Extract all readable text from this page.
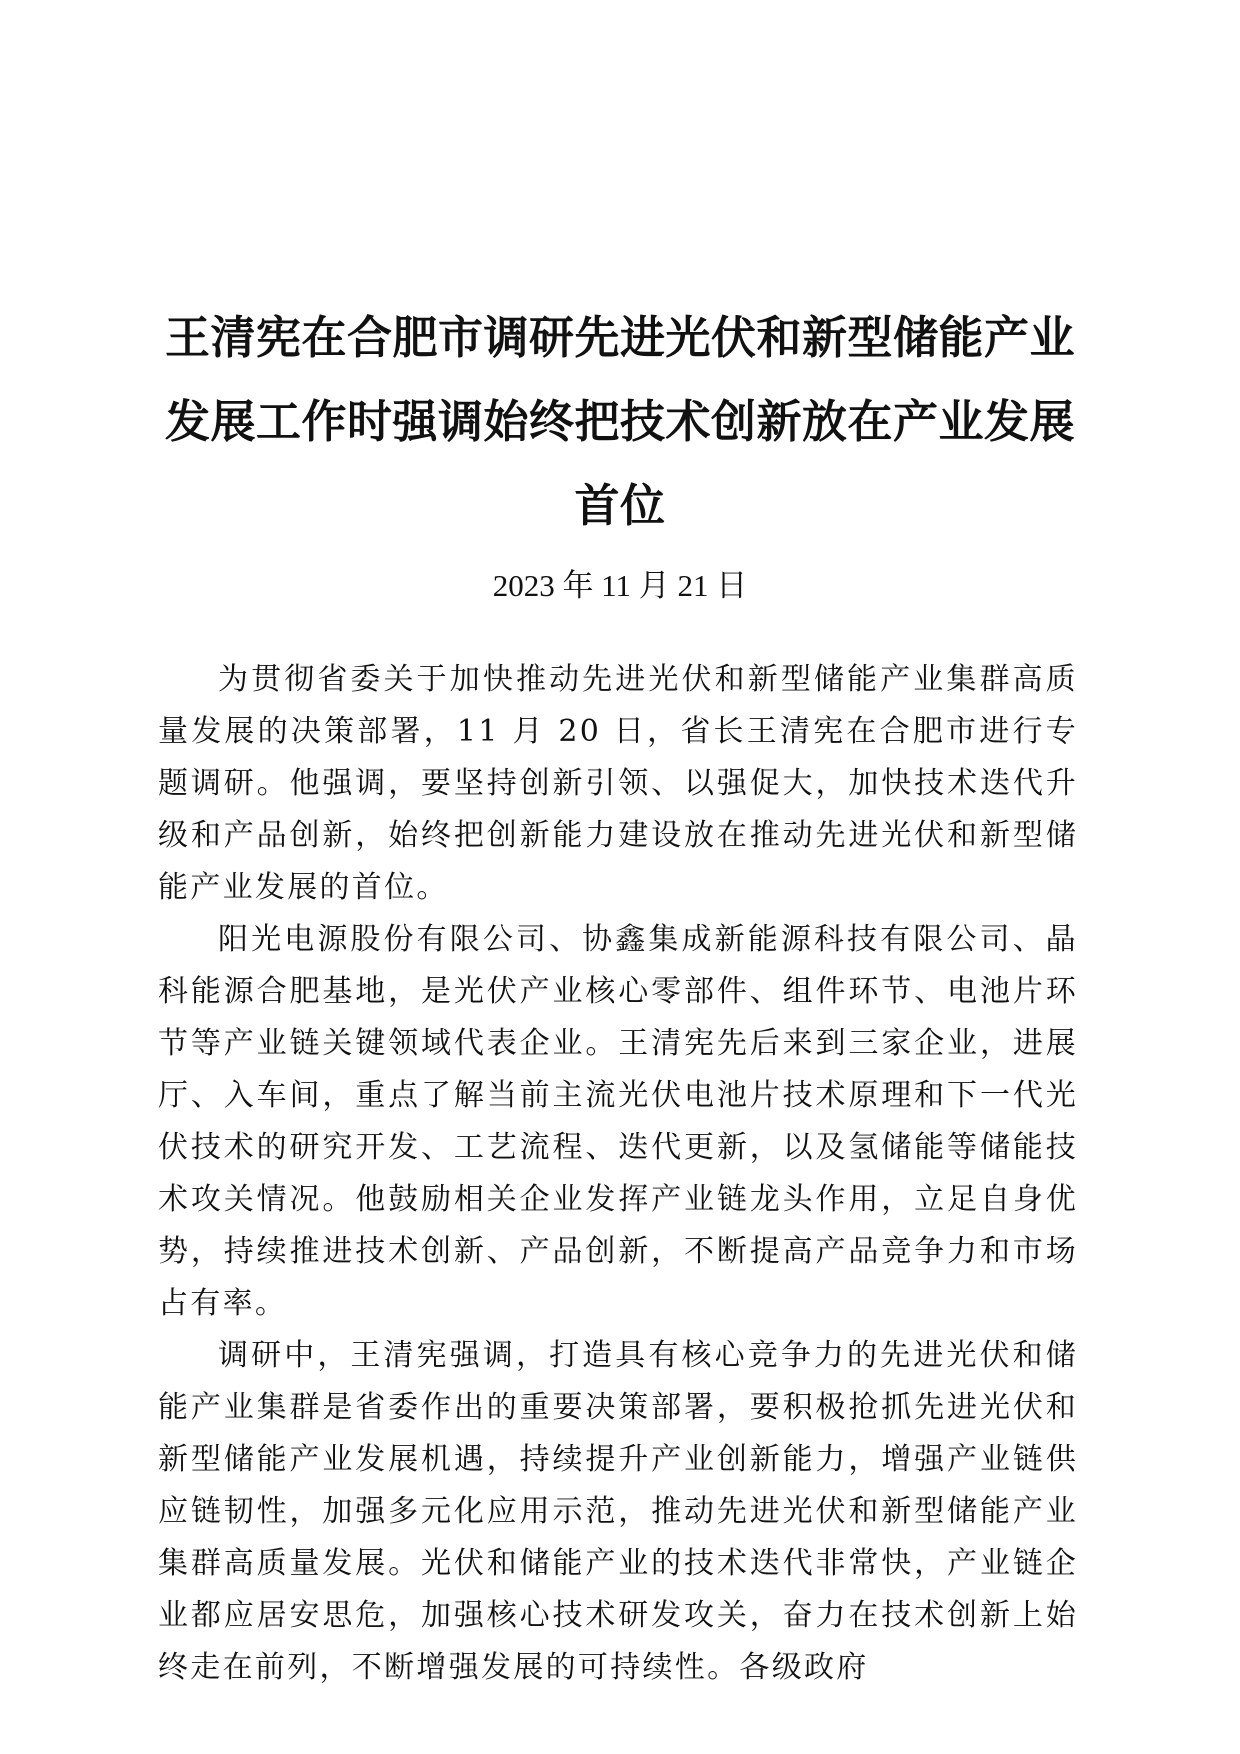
王清宪在合肥市调研先进光伏和新型储能产业发展工作时强调始终把技术创新放在产业发展首位
2023 年 11 月 21 日

为贯彻省委关于加快推动先进光伏和新型储能产业集群高质量发展的决策部署，11 月 20 日，省长王清宪在合肥市进行专题调研。他强调，要坚持创新引领、以强促大，加快技术迭代升级和产品创新，始终把创新能力建设放在推动先进光伏和新型储能产业发展的首位。

阳光电源股份有限公司、协鑫集成新能源科技有限公司、晶科能源合肥基地，是光伏产业核心零部件、组件环节、电池片环节等产业链关键领域代表企业。王清宪先后来到三家企业，进展厅、入车间，重点了解当前主流光伏电池片技术原理和下一代光伏技术的研究开发、工艺流程、迭代更新，以及氢储能等储能技术攻关情况。他鼓励相关企业发挥产业链龙头作用，立足自身优势，持续推进技术创新、产品创新，不断提高产品竞争力和市场占有率。

调研中，王清宪强调，打造具有核心竞争力的先进光伏和储能产业集群是省委作出的重要决策部署，要积极抢抓先进光伏和新型储能产业发展机遇，持续提升产业创新能力，增强产业链供应链韧性，加强多元化应用示范，推动先进光伏和新型储能产业集群高质量发展。光伏和储能产业的技术迭代非常快，产业链企业都应居安思危，加强核心技术研发攻关，奋力在技术创新上始终走在前列，不断增强发展的可持续性。各级政府
